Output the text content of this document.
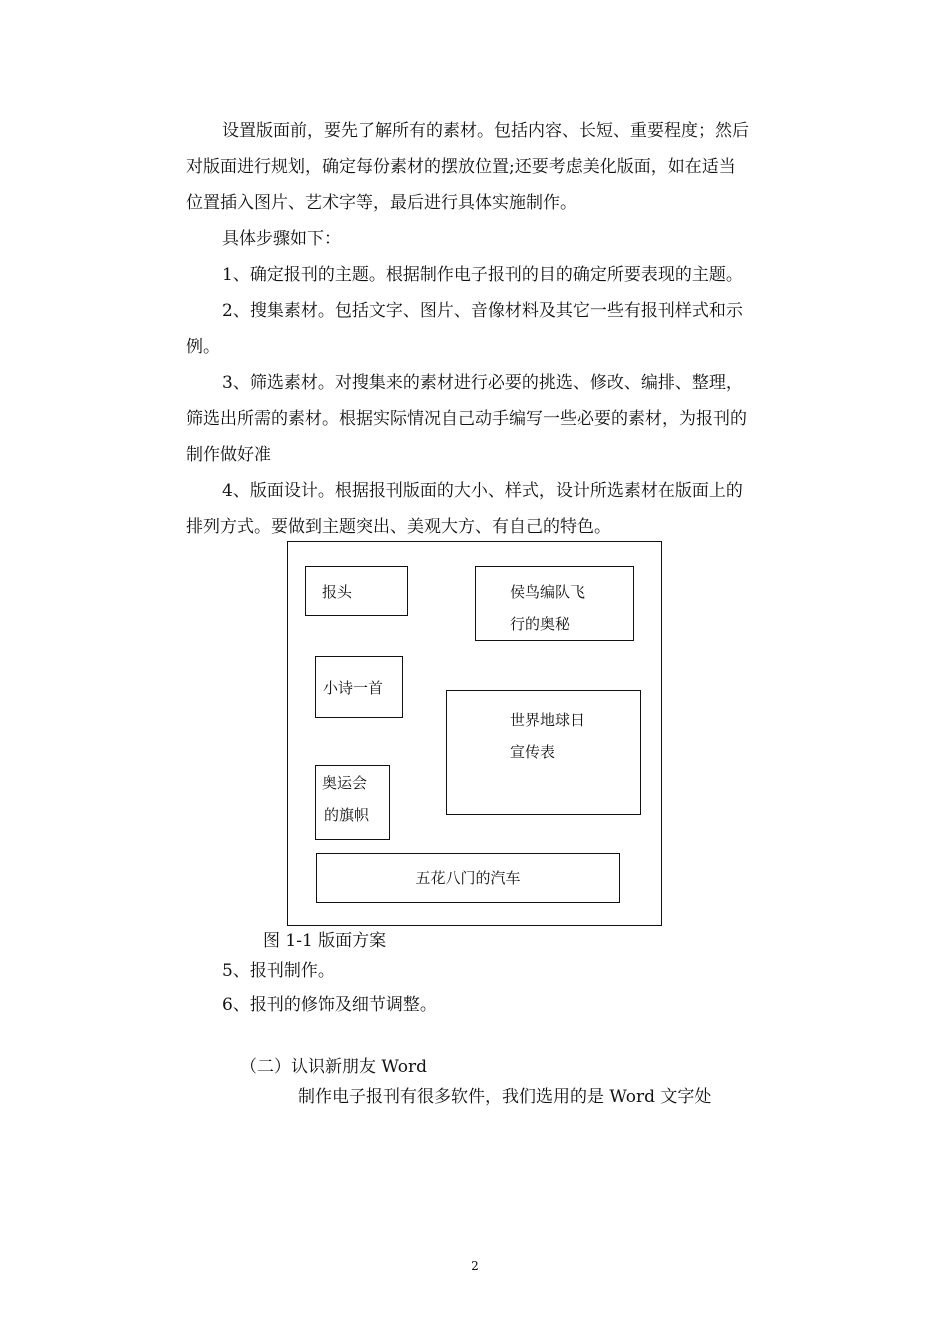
设置版面前，要先了解所有的素材。包括内容、长短、重要程度；然后
对版面进行规划，确定每份素材的摆放位置;还要考虑美化版面，如在适当
位置插入图片、艺术字等，最后进行具体实施制作。
具体步骤如下：
1、确定报刊的主题。根据制作电子报刊的目的确定所要表现的主题。
2、搜集素材。包括文字、图片、音像材料及其它一些有报刊样式和示
例。
3、筛选素材。对搜集来的素材进行必要的挑选、修改、编排、整理，
筛选出所需的素材。根据实际情况自己动手编写一些必要的素材，为报刊的
制作做好准
4、版面设计。根据报刊版面的大小、样式，设计所选素材在版面上的
排列方式。要做到主题突出、美观大方、有自己的特色。
报头	侯鸟编队飞
行的奥秘
小诗一首
世界地球日
宣传表
奥运会
的旗帜
五花八门的汽车
图 1-1 版面方案
5、报刊制作。
6、报刊的修饰及细节调整。
（二）认识新朋友 Word
制作电子报刊有很多软件，我们选用的是 Word 文字处
2
